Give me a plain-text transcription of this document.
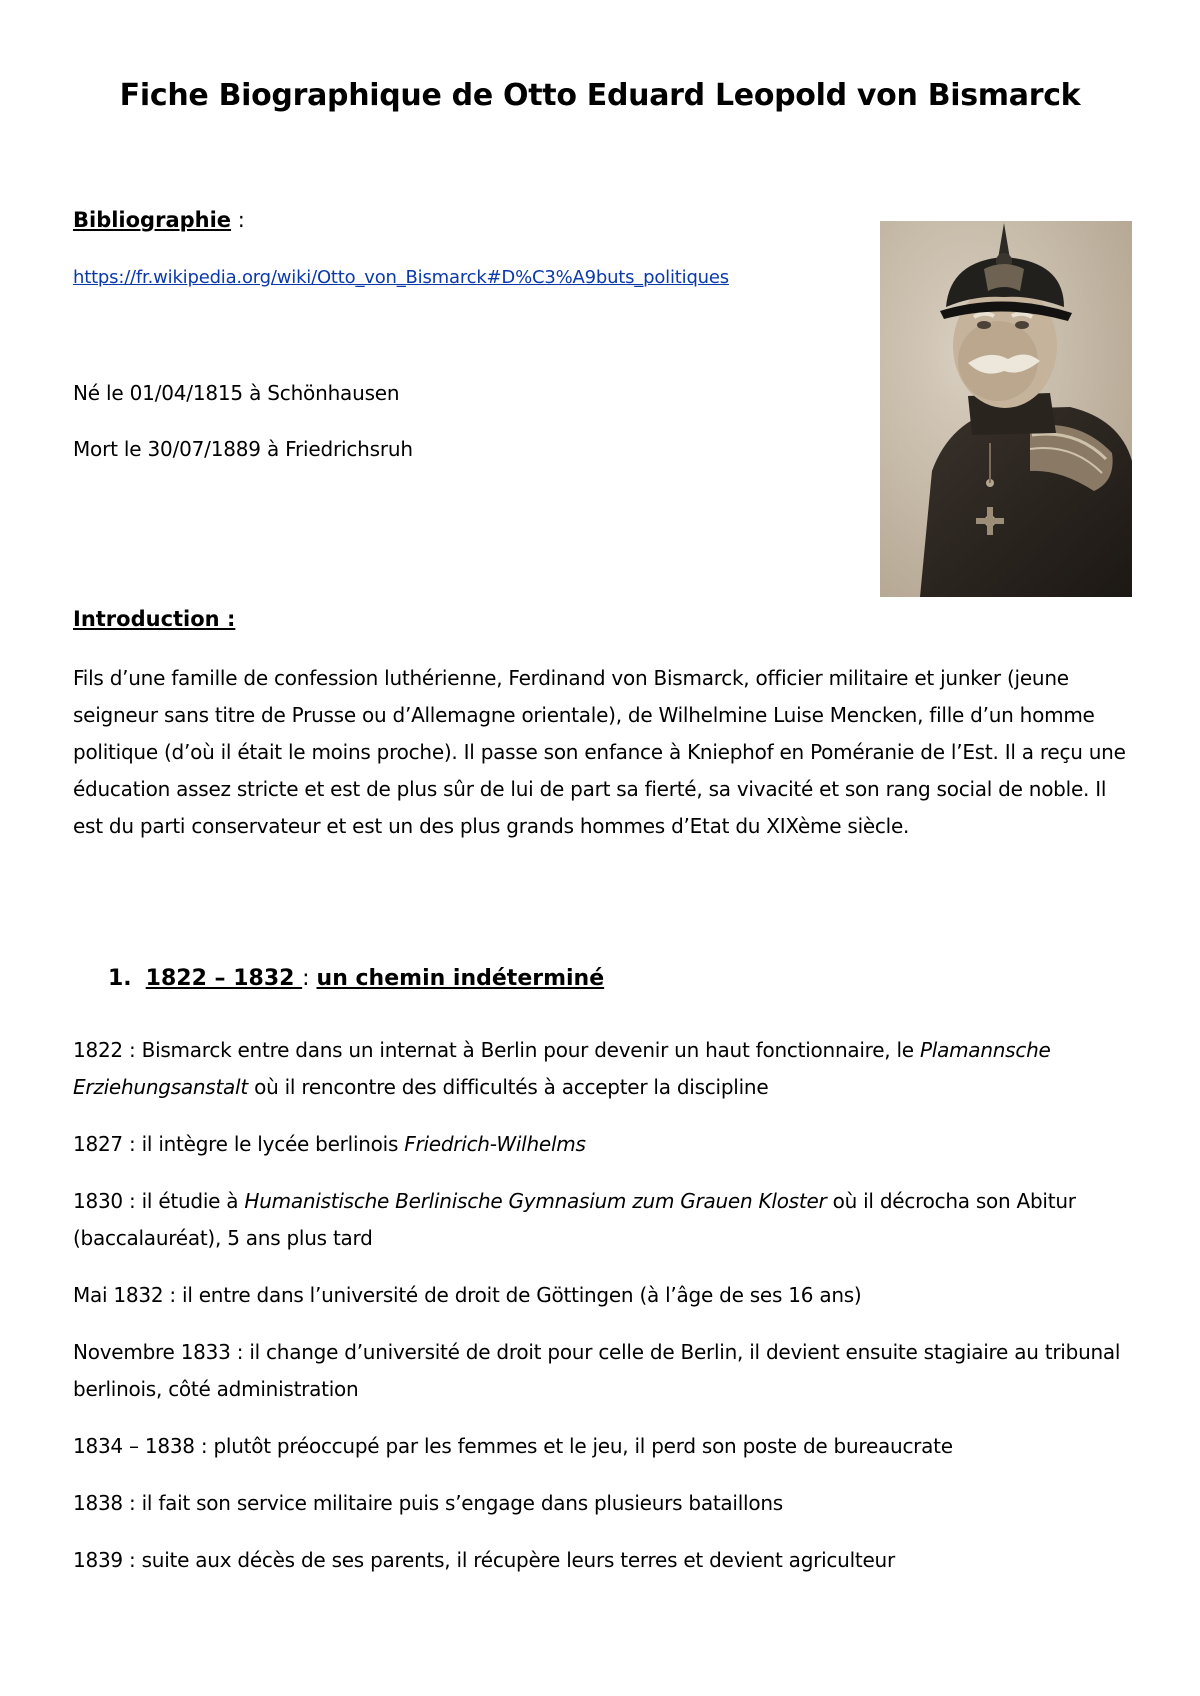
Fiche Biographique de Otto Eduard Leopold von Bismarck
Bibliographie :
https://fr.wikipedia.org/wiki/Otto_von_Bismarck#D%C3%A9buts_politiques
Né le 01/04/1815 à Schönhausen
Mort le 30/07/1889 à Friedrichsruh
Introduction :

Fils d’une famille de confession luthérienne, Ferdinand von Bismarck, officier militaire et junker (jeune seigneur sans titre de Prusse ou d’Allemagne orientale), de Wilhelmine Luise Mencken, fille d’un homme politique (d’où il était le moins proche). Il passe son enfance à Kniephof en Poméranie de l’Est. Il a reçu une éducation assez stricte et est de plus sûr de lui de part sa fierté, sa vivacité et son rang social de noble. Il est du parti conservateur et est un des plus grands hommes d’Etat du XIXème siècle.

1. 1822 – 1832 : un chemin indéterminé
1822 : Bismarck entre dans un internat à Berlin pour devenir un haut fonctionnaire, le Plamannsche Erziehungsanstalt où il rencontre des difficultés à accepter la discipline
1827 : il intègre le lycée berlinois Friedrich-Wilhelms
1830 : il étudie à Humanistische Berlinische Gymnasium zum Grauen Kloster où il décrocha son Abitur (baccalauréat), 5 ans plus tard
Mai 1832 : il entre dans l’université de droit de Göttingen (à l’âge de ses 16 ans)
Novembre 1833 : il change d’université de droit pour celle de Berlin, il devient ensuite stagiaire au tribunal berlinois, côté administration
1834 – 1838 : plutôt préoccupé par les femmes et le jeu, il perd son poste de bureaucrate
1838 : il fait son service militaire puis s’engage dans plusieurs bataillons
1839 : suite aux décès de ses parents, il récupère leurs terres et devient agriculteur
